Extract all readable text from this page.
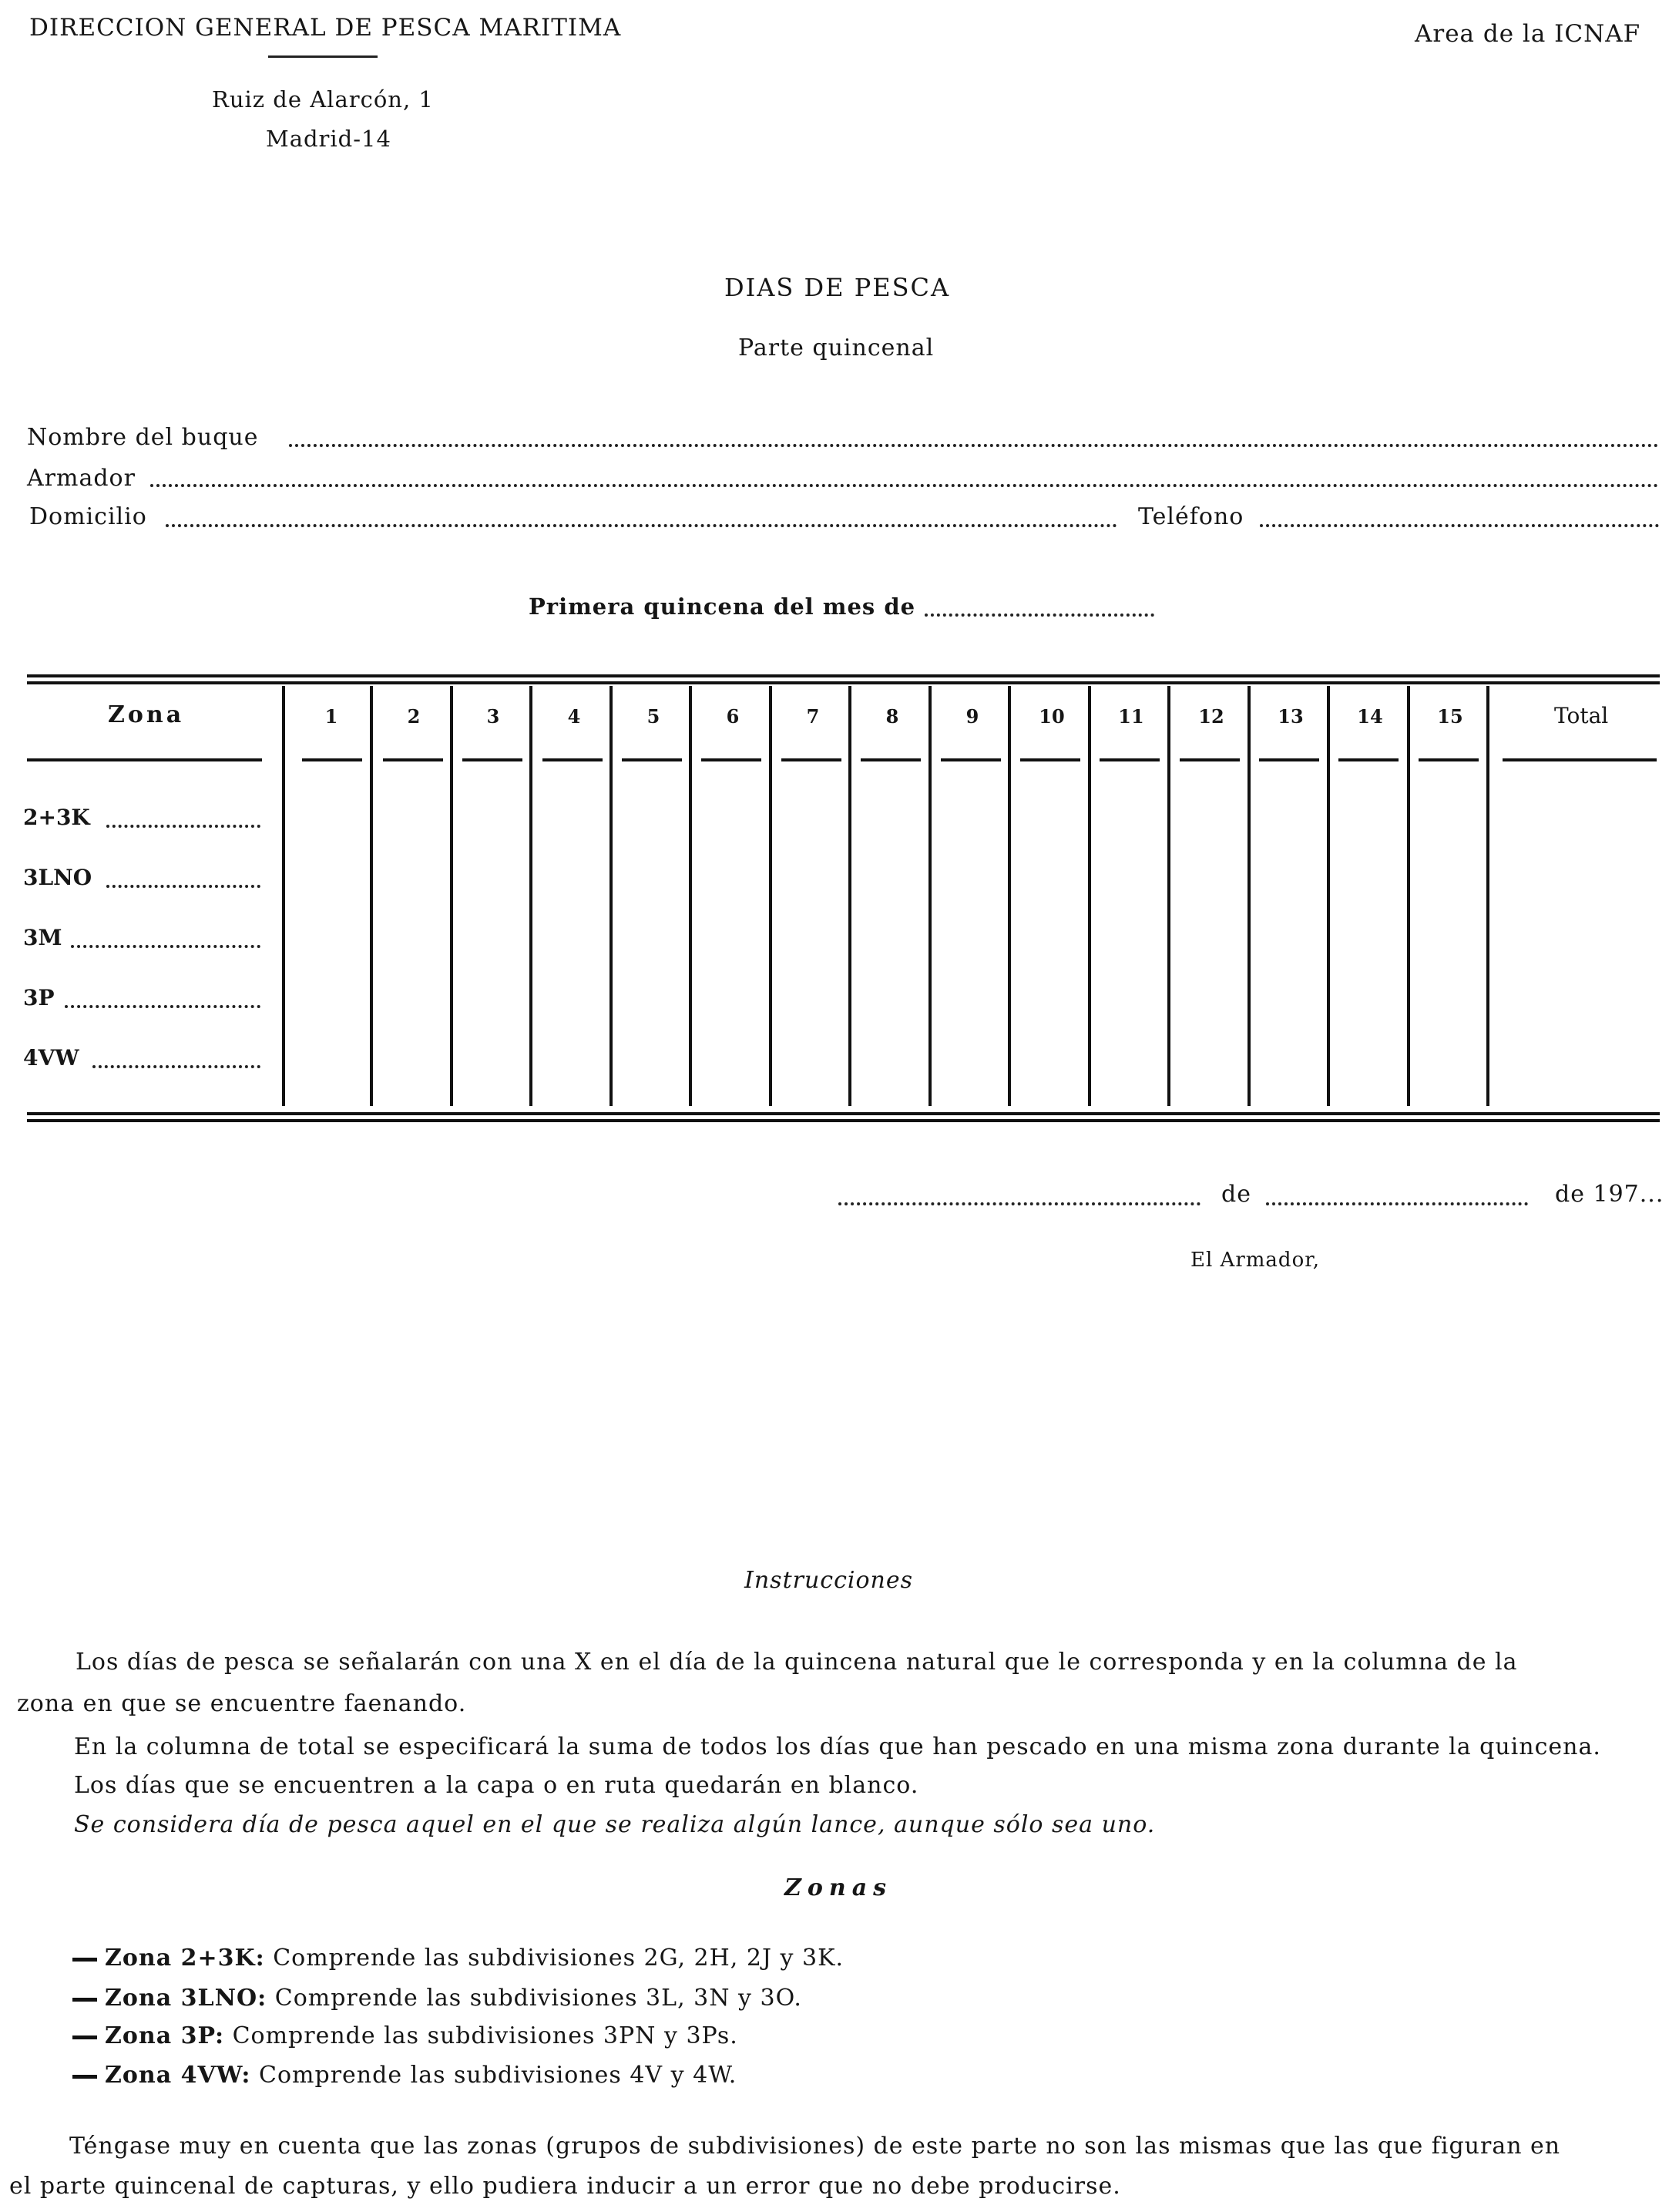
DIRECCION GENERAL DE PESCA MARITIMA	Area de la ICNAF
Ruiz de Alarcón, 1
Madrid-14
DIAS DE PESCA
Parte quincenal
Nombre del buque
Armador
Domicilio	Teléfono
Primera quincena del mes de
Zona	1	2	3	4	5	6	7	8	9	10	11	12	13	14	15	Total
2+3K
3LNO
3M
3P
4VW
de	de 197...
El Armador,
Instrucciones
Los días de pesca se señalarán con una X en el día de la quincena natural que le corresponda y en la columna de la
zona en que se encuentre faenando.
En la columna de total se especificará la suma de todos los días que han pescado en una misma zona durante la quincena.
Los días que se encuentren a la capa o en ruta quedarán en blanco.
Se considera día de pesca aquel en el que se realiza algún lance, aunque sólo sea uno.
Zonas
Zona 2+3K: Comprende las subdivisiones 2G, 2H, 2J y 3K.
Zona 3LNO: Comprende las subdivisiones 3L, 3N y 3O.
Zona 3P: Comprende las subdivisiones 3PN y 3Ps.
Zona 4VW: Comprende las subdivisiones 4V y 4W.
Téngase muy en cuenta que las zonas (grupos de subdivisiones) de este parte no son las mismas que las que figuran en
el parte quincenal de capturas, y ello pudiera inducir a un error que no debe producirse.
